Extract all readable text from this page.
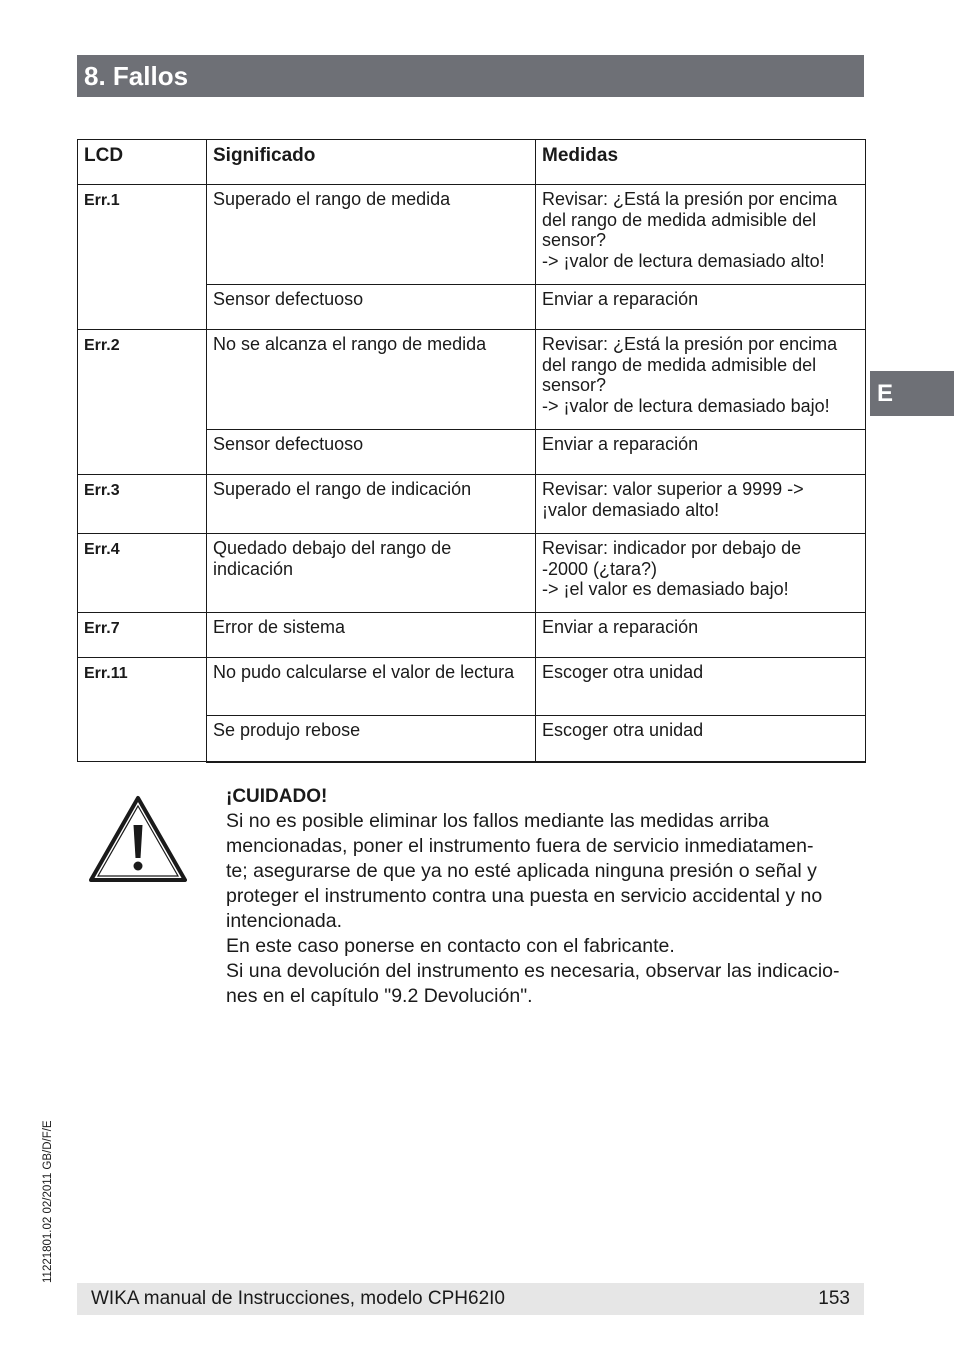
8. Fallos
E
LCD	Significado	Medidas
Err.1	Superado el rango de medida	Revisar: ¿Está la presión por encima
del rango de medida admisible del
sensor?
-> ¡valor de lectura demasiado alto!

	Sensor defectuoso	Enviar a reparación

Err.2	No se alcanza el rango de medida	Revisar: ¿Está la presión por encima
del rango de medida admisible del
sensor?
-> ¡valor de lectura demasiado bajo!

	Sensor defectuoso	Enviar a reparación

Err.3	Superado el rango de indicación	Revisar: valor superior a 9999 ->
¡valor demasiado alto!

Err.4	Quedado debajo del rango de indicación	Revisar: indicador por debajo de
-2000 (¿tara?)
-> ¡el valor es demasiado bajo!

Err.7	Error de sistema	Enviar a reparación

Err.11	No pudo calcularse el valor de lectura	Escoger otra unidad

	Se produjo rebose	Escoger otra unidad

¡CUIDADO!

Si no es posible eliminar los fallos mediante las medidas arriba

mencionadas, poner el instrumento fuera de servicio inmediatamen-

te; asegurarse de que ya no esté aplicada ninguna presión o señal y

proteger el instrumento contra una puesta en servicio accidental y no

intencionada.

En este caso ponerse en contacto con el fabricante.

Si una devolución del instrumento es necesaria, observar las indicacio-

nes en el capítulo "9.2 Devolución".

11221801.02 02/2011 GB/D/F/E
WIKA manual de Instrucciones, modelo CPH62I0	153
